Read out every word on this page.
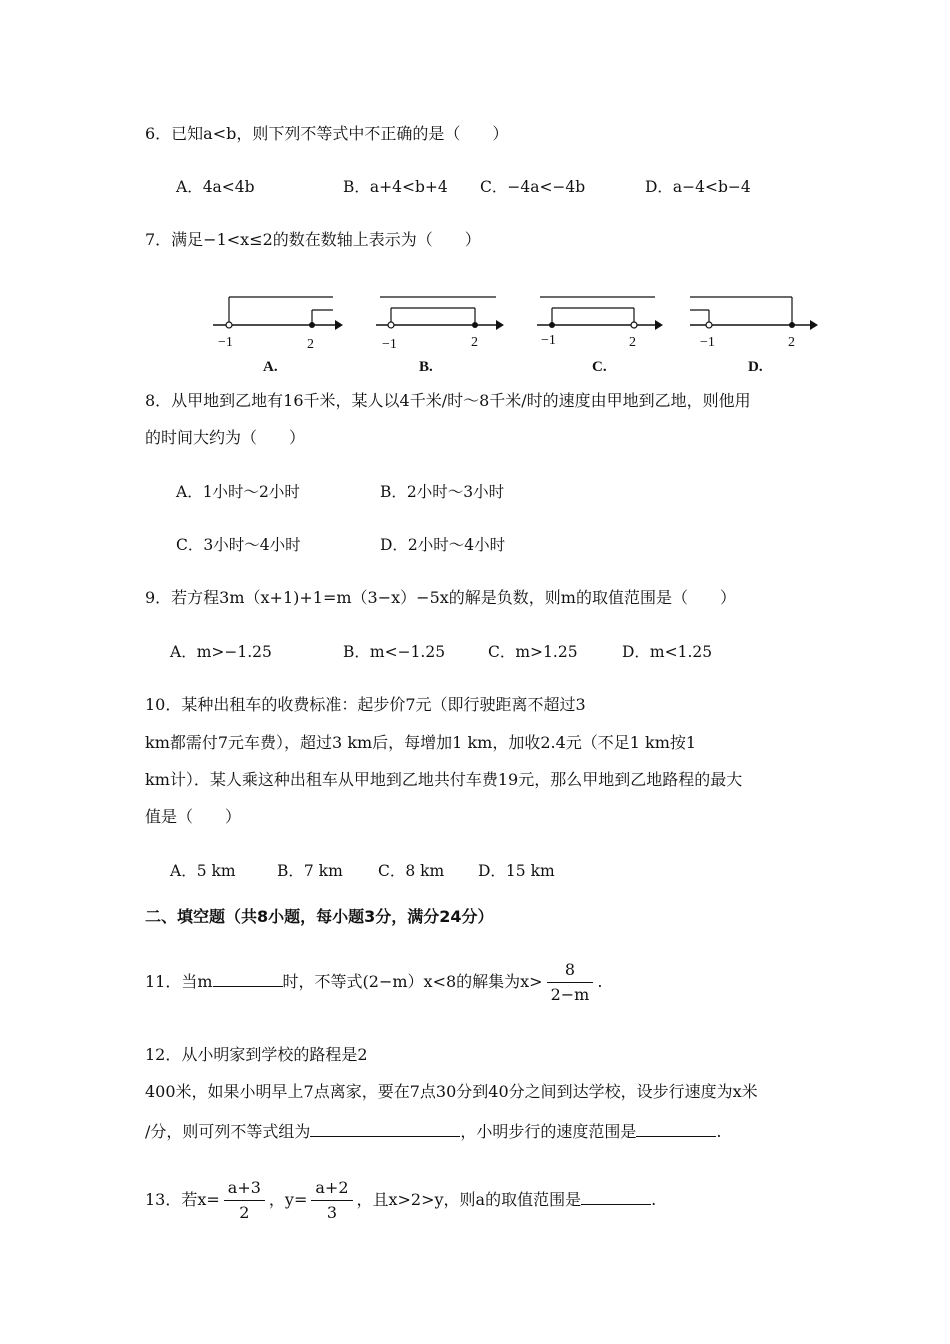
6．已知a<b，则下列不等式中不正确的是（　　）
A．4a<4b	B．a+4<b+4 C．−4a<−4b	D．a−4<b−4
7．满足−1<x≤2的数在数轴上表示为（　　）
−1	2	−1	2	−1	2	−1	2
A.	B.	C.	D.
8．从甲地到乙地有16千米，某人以4千米/时～8千米/时的速度由甲地到乙地，则他用
的时间大约为（　　）
A．1小时～2小时	B．2小时～3小时
C．3小时～4小时	D．2小时～4小时
9．若方程3m（x+1)+1=m（3−x）−5x的解是负数，则m的取值范围是（　　）
A．m>−1.25	B．m<−1.25	C．m>1.25	D．m<1.25
10．某种出租车的收费标准：起步价7元（即行驶距离不超过3
km都需付7元车费），超过3 km后，每增加1 km，加收2.4元（不足1 km按1
km计）．某人乘这种出租车从甲地到乙地共付车费19元，那么甲地到乙地路程的最大
值是（　　）
A．5 km	B．7 km C．8 km D．15 km
二、填空题（共8小题，每小题3分，满分24分）
11．当m	时，不等式(2−m）x<8的解集为$x> \frac{8}{2-m}$ .
12．从小明家到学校的路程是2
400米，如果小明早上7点离家，要在7点30分到40分之间到达学校，设步行速度为x米
/分，则可列不等式组为	，小明步行的速度范围是	.
13．若$x= \frac{a+3}{2}$ ，$y= \frac{a+2}{3}$ ，且x>2>y，则a的取值范围是	.
